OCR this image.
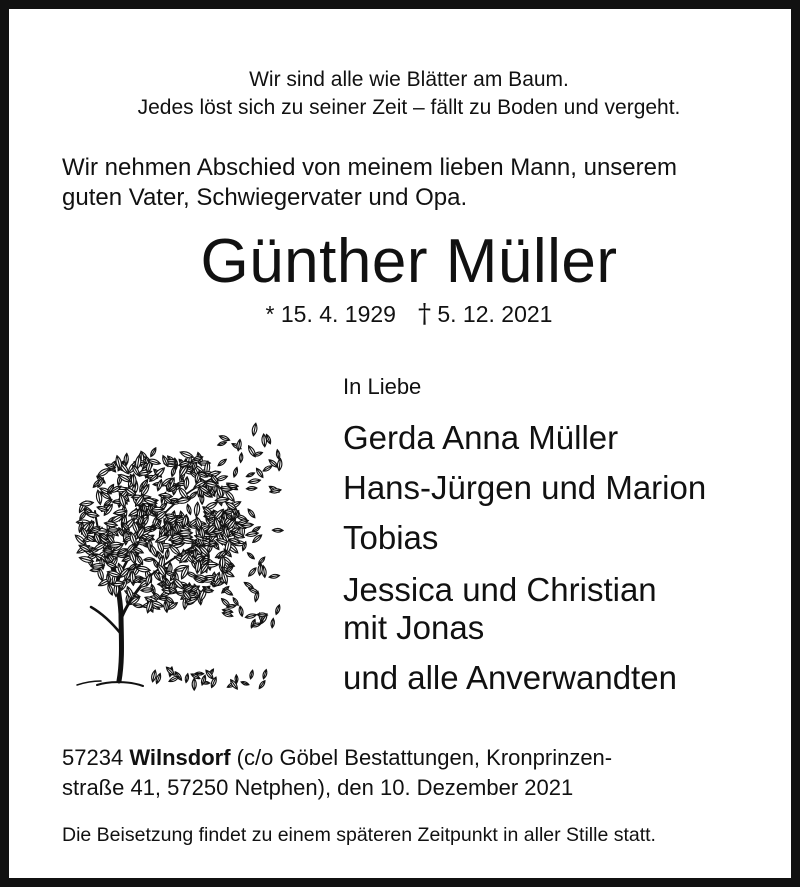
Wir sind alle wie Blätter am Baum.
Jedes löst sich zu seiner Zeit – fällt zu Boden und vergeht.
Wir nehmen Abschied von meinem lieben Mann, unserem
guten Vater, Schwiegervater und Opa.
Günther Müller
* 15. 4. 1929 † 5. 12. 2021
In Liebe
Gerda Anna Müller
Hans-Jürgen und Marion
Tobias
Jessica und Christian
mit Jonas
und alle Anverwandten
57234 Wilnsdorf (c/o Göbel Bestattungen, Kronprinzen-
straße 41, 57250 Netphen), den 10. Dezember 2021
Die Beisetzung findet zu einem späteren Zeitpunkt in aller Stille statt.
